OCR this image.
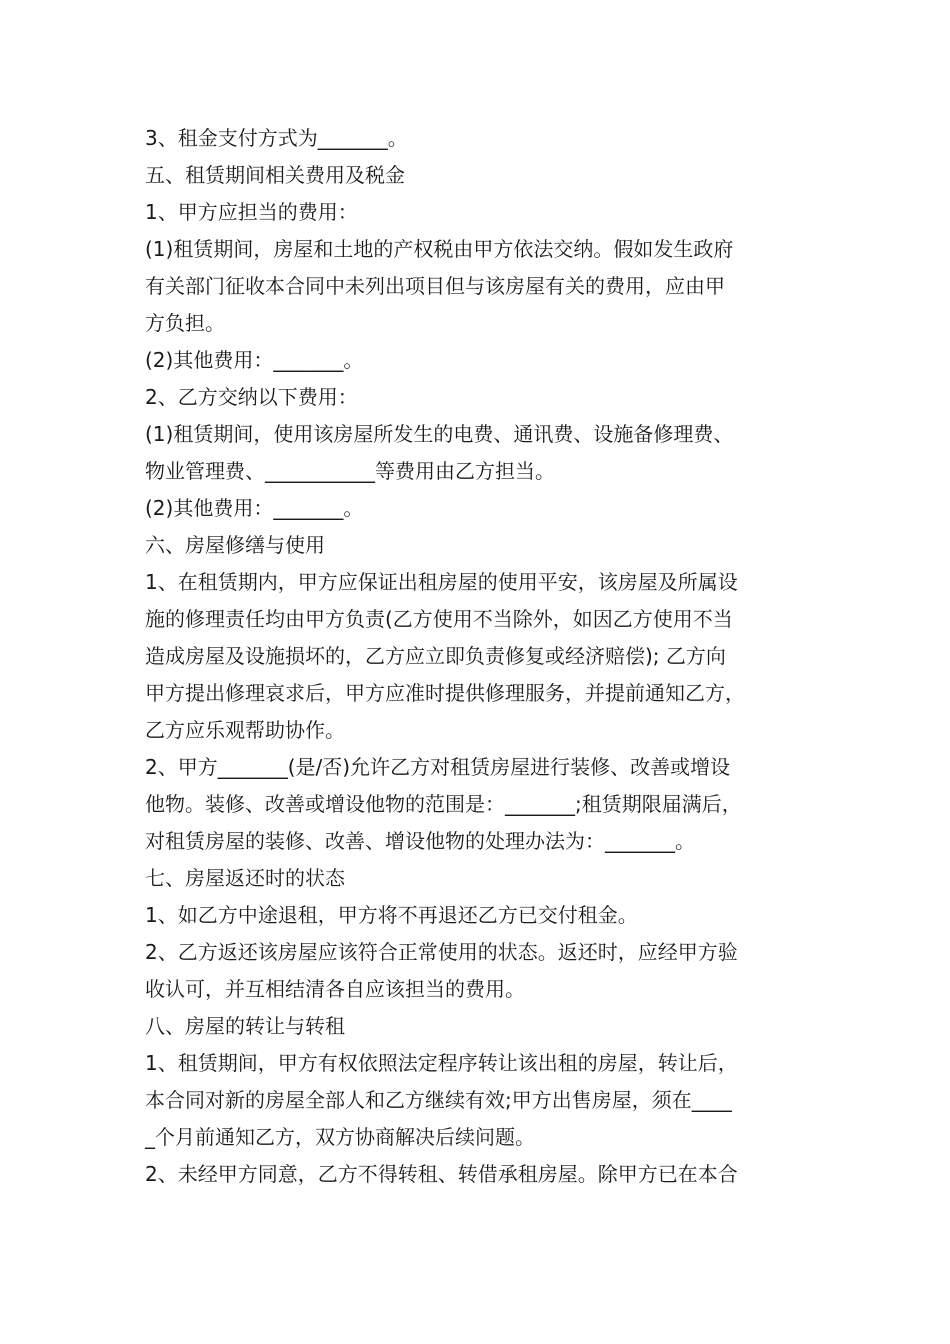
3、租金支付方式为_______。
五、租赁期间相关费用及税金
1、甲方应担当的费用：
(1)租赁期间，房屋和土地的产权税由甲方依法交纳。假如发生政府
有关部门征收本合同中未列出项目但与该房屋有关的费用，应由甲
方负担。
(2)其他费用：_______。
2、乙方交纳以下费用：
(1)租赁期间，使用该房屋所发生的电费、通讯费、设施备修理费、
物业管理费、___________等费用由乙方担当。
(2)其他费用：_______。
六、房屋修缮与使用
1、在租赁期内，甲方应保证出租房屋的使用平安，该房屋及所属设
施的修理责任均由甲方负责(乙方使用不当除外，如因乙方使用不当
造成房屋及设施损坏的，乙方应立即负责修复或经济赔偿); 乙方向
甲方提出修理哀求后，甲方应准时提供修理服务，并提前通知乙方，
乙方应乐观帮助协作。
2、甲方_______(是/否)允许乙方对租赁房屋进行装修、改善或增设
他物。装修、改善或增设他物的范围是：_______;租赁期限届满后，
对租赁房屋的装修、改善、增设他物的处理办法为：_______。
七、房屋返还时的状态
1、如乙方中途退租，甲方将不再退还乙方已交付租金。
2、乙方返还该房屋应该符合正常使用的状态。返还时，应经甲方验
收认可，并互相结清各自应该担当的费用。
八、房屋的转让与转租
1、租赁期间，甲方有权依照法定程序转让该出租的房屋，转让后，
本合同对新的房屋全部人和乙方继续有效;甲方出售房屋，须在____
_个月前通知乙方，双方协商解决后续问题。
2、未经甲方同意，乙方不得转租、转借承租房屋。除甲方已在本合
